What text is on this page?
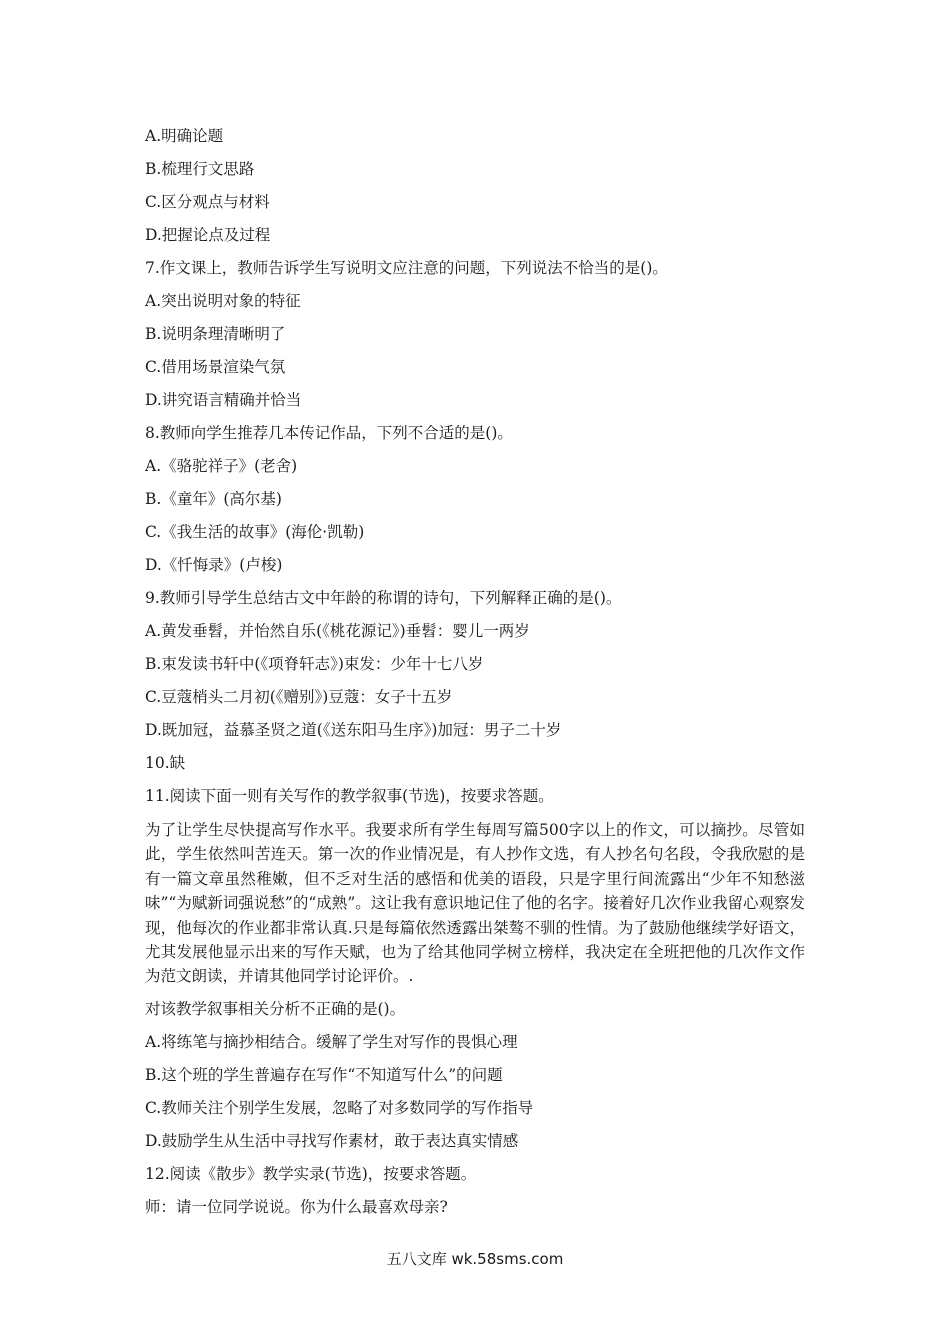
A.明确论题
B.梳理行文思路
C.区分观点与材料
D.把握论点及过程
7.作文课上，教师告诉学生写说明文应注意的问题，下列说法不恰当的是()。
A.突出说明对象的特征
B.说明条理清晰明了
C.借用场景渲染气氛
D.讲究语言精确并恰当
8.教师向学生推荐几本传记作品，下列不合适的是()。
A.《骆驼祥子》(老舍)
B.《童年》(高尔基)
C.《我生活的故事》(海伦·凯勒)
D.《忏悔录》(卢梭)
9.教师引导学生总结古文中年龄的称谓的诗句，下列解释正确的是()。
A.黄发垂髫，并怡然自乐(《桃花源记》)垂髫：婴儿一两岁
B.束发读书轩中(《项脊轩志》)束发：少年十七八岁
C.豆蔻梢头二月初(《赠别》)豆蔻：女子十五岁
D.既加冠，益慕圣贤之道(《送东阳马生序》)加冠：男子二十岁
10.缺
11.阅读下面一则有关写作的教学叙事(节选)，按要求答题。
为了让学生尽快提高写作水平。我要求所有学生每周写篇500字以上的作文，可以摘抄。尽管如此，学生依然叫苦连天。第一次的作业情况是，有人抄作文选，有人抄名句名段，令我欣慰的是有一篇文章虽然稚嫩，但不乏对生活的感悟和优美的语段，只是字里行间流露出“少年不知愁滋味”“为赋新词强说愁”的“成熟”。这让我有意识地记住了他的名字。接着好几次作业我留心观察发现，他每次的作业都非常认真.只是每篇依然透露出桀骜不驯的性情。为了鼓励他继续学好语文，尤其发展他显示出来的写作天赋，也为了给其他同学树立榜样，我决定在全班把他的几次作文作为范文朗读，并请其他同学讨论评价。.
对该教学叙事相关分析不正确的是()。
A.将练笔与摘抄相结合。缓解了学生对写作的畏惧心理
B.这个班的学生普遍存在写作“不知道写什么”的问题
C.教师关注个别学生发展，忽略了对多数同学的写作指导
D.鼓励学生从生活中寻找写作素材，敢于表达真实情感
12.阅读《散步》教学实录(节选)，按要求答题。
师：请一位同学说说。你为什么最喜欢母亲?
五八文库 wk.58sms.com
